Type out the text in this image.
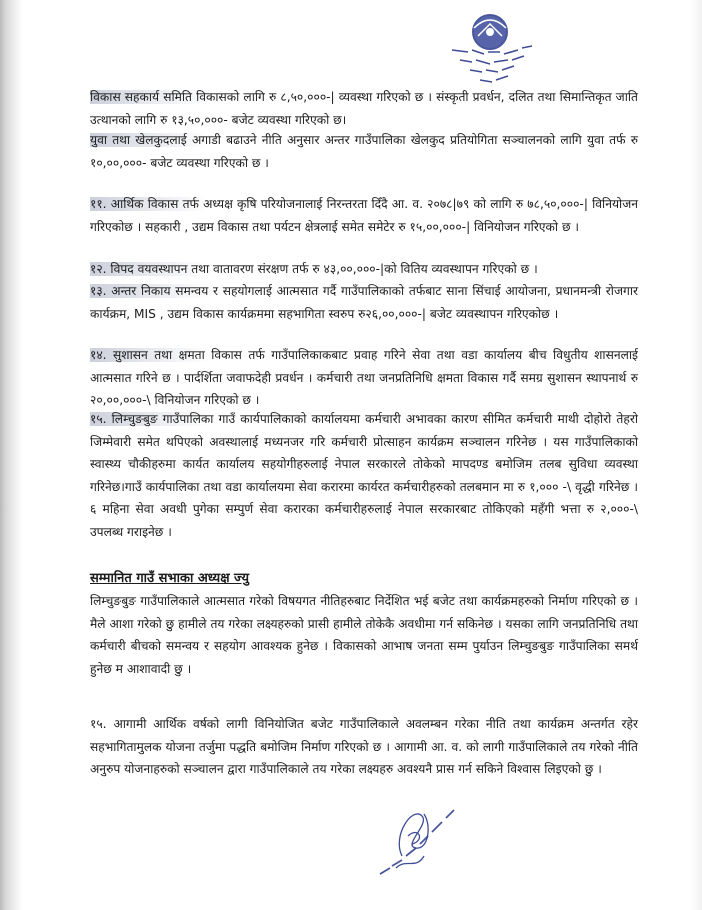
विकास सहकार्य समिति विकासको लागि रु ८,५०,०००-| व्यवस्था गरिएको छ । संस्कृती प्रवर्धन, दलित तथा सिमान्तिकृत जाति उत्थानको लागि रु १३,५०,०००- बजेट व्यवस्था गरिएको छ।

युवा तथा खेलकुदलाई अगाडी बढाउने नीति अनुसार अन्तर गाउँपालिका खेलकुद प्रतियोगिता सञ्चालनको लागि युवा तर्फ रु १०,००,०००- बजेट व्यवस्था गरिएको छ ।

११. आर्थिक विकास तर्फ अध्यक्ष कृषि परियोजनालाई निरन्तरता दिँदै आ. व. २०७८|७९ को लागि रु ७८,५०,०००-| विनियोजन गरिएकोछ । सहकारी , उद्यम विकास तथा पर्यटन क्षेत्रलाई समेत समेटेर रु १५,००,०००-| विनियोजन गरिएको छ ।

१२. विपद वयवस्थापन तथा वातावरण संरक्षण तर्फ रु ४३,००,०००-|को वितिय व्यवस्थापन गरिएको छ ।

१३. अन्तर निकाय समन्वय र सहयोगलाई आत्मसात गर्दै गाउँपालिकाको तर्फबाट साना सिंचाई आयोजना, प्रधानमन्त्री रोजगार कार्यक्रम, MIS , उद्यम विकास कार्यक्रममा सहभागिता स्वरुप रु२६,००,०००-| बजेट व्यवस्थापन गरिएकोछ ।

१४. सुशासन तथा क्षमता विकास तर्फ गाउँपालिकाकबाट प्रवाह गरिने सेवा तथा वडा कार्यालय बीच विधुतीय शासनलाई आत्मसात गरिने छ । पार्दर्शिता जवाफदेही प्रवर्धन । कर्मचारी तथा जनप्रतिनिधि क्षमता विकास गर्दै समग्र सुशासन स्थापनार्थ रु २०,००,०००-\ विनियोजन गरिएको छ ।

१५. लिम्चुङबुङ गाउँपालिका गाउँ कार्यपालिकाको कार्यालयमा कर्मचारी अभावका कारण सीमित कर्मचारी माथी दोहोरो तेहरो जिम्मेवारी समेत थपिएको अवस्थालाई मध्यनजर गरि कर्मचारी प्रोत्साहन कार्यक्रम सञ्चालन गरिनेछ । यस गाउँपालिकाको स्वास्थ्य चौकीहरुमा कार्यत कार्यालय सहयोगीहरुलाई नेपाल सरकारले तोकेको मापदण्ड बमोजिम तलब सुविधा व्यवस्था गरिनेछ।गाउँ कार्यपालिका तथा वडा कार्यालयमा सेवा करारमा कार्यरत कर्मचारीहरुको तलबमान मा रु १,००० -\ वृद्धी गरिनेछ ।६ महिना सेवा अवधी पुगेका सम्पुर्ण सेवा करारका कर्मचारीहरुलाई नेपाल सरकारबाट तोकिएको महँगी भत्ता रु २,०००-\ उपलब्ध गराइनेछ ।

सम्मानित गाउँ सभाका अध्यक्ष ज्यु

लिम्चुङबुङ गाउँपालिकाले आत्मसात गरेको विषयगत नीतिहरुबाट निर्देशित भई बजेट तथा कार्यक्रमहरुको निर्माण गरिएको छ । मैले आशा गरेको छु हामीले तय गरेका लक्ष्यहरुको प्रासी हामीले तोकेकै अवधीमा गर्न सकिनेछ । यसका लागि जनप्रतिनिधि तथा कर्मचारी बीचको समन्वय र सहयोग आवश्यक हुनेछ । विकासको आभाष जनता सम्म पुर्याउन लिम्चुङबुङ गाउँपालिका समर्थ हुनेछ म आशावादी छु ।

१५. आगामी आर्थिक वर्षको लागी विनियोजित बजेट गाउँपालिकाले अवलम्बन गरेका नीति तथा कार्यक्रम अन्तर्गत रहेर सहभागितामुलक योजना तर्जुमा पद्धति बमोजिम निर्माण गरिएको छ । आगामी आ. व. को लागी गाउँपालिकाले तय गरेको नीति अनुरुप योजनाहरुको सञ्चालन द्वारा गाउँपालिकाले तय गरेका लक्ष्यहरु अवश्यनै प्रास गर्न सकिने विश्वास लिइएको छु ।
